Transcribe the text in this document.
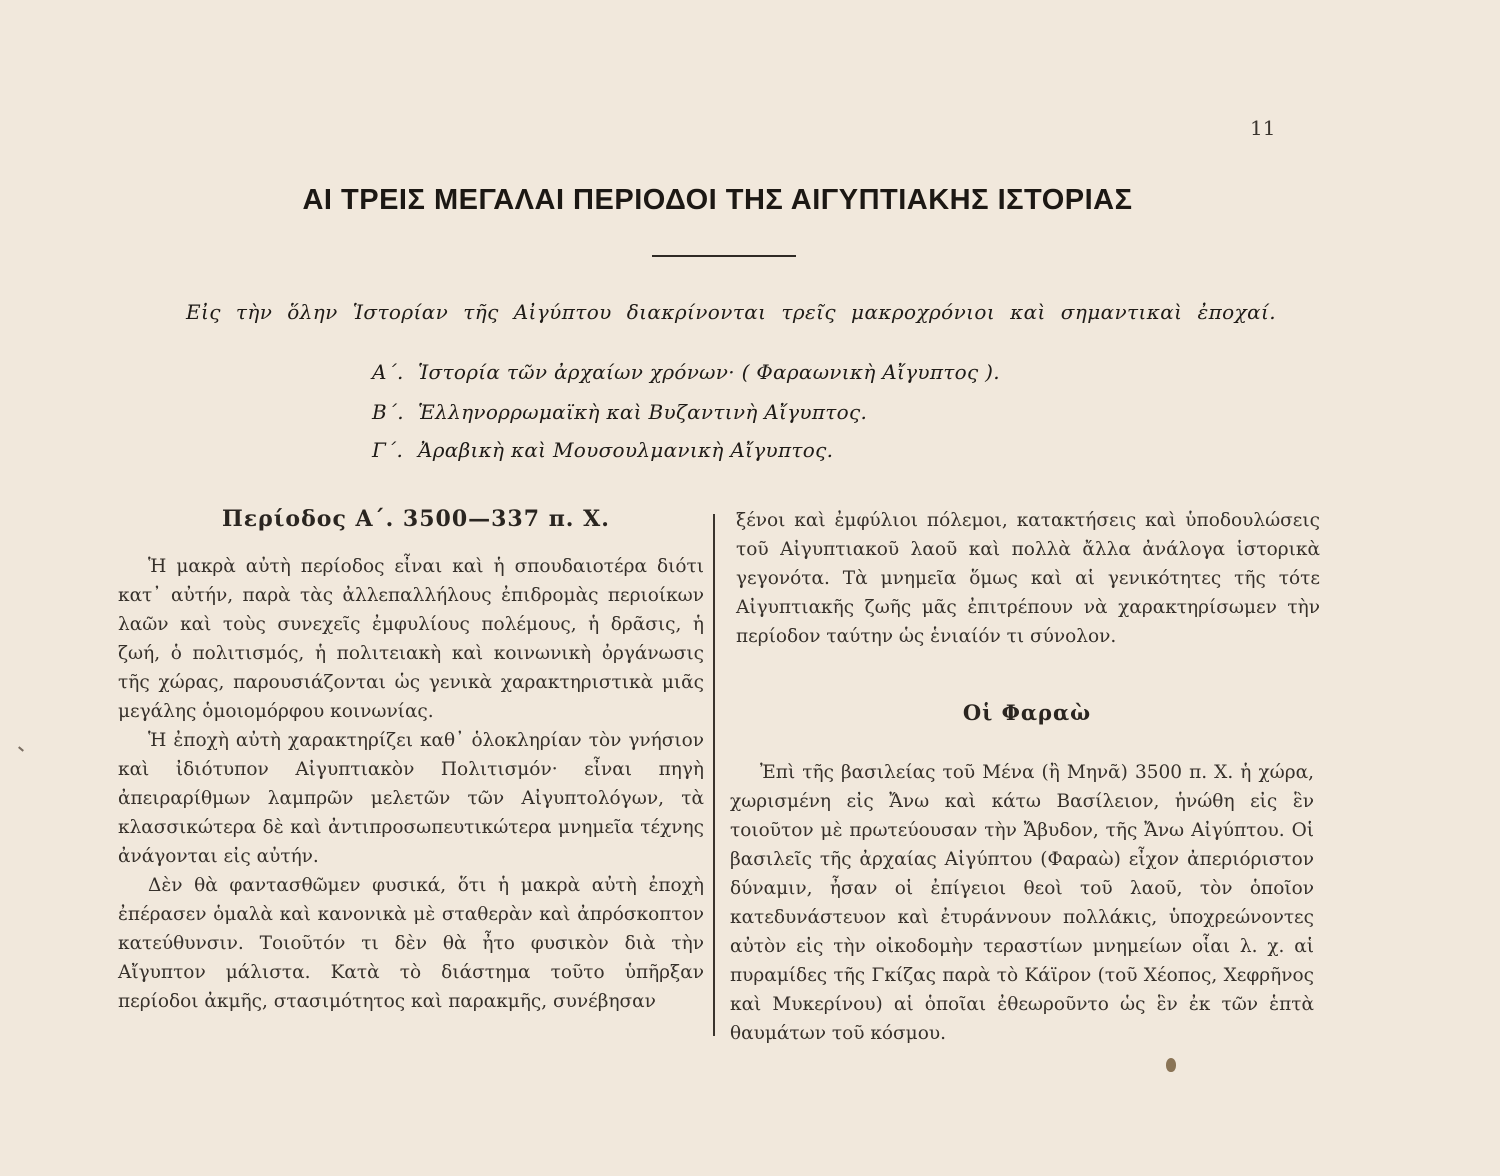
11
ΑΙ ΤΡΕΙΣ ΜΕΓΑΛΑΙ ΠΕΡΙΟΔΟΙ ΤΗΣ ΑΙΓΥΠΤΙΑΚΗΣ ΙΣΤΟΡΙΑΣ
Εἰς τὴν ὅλην Ἱστορίαν τῆς Αἰγύπτου διακρίνονται τρεῖς μακροχρόνιοι καὶ σημαντικαὶ ἐποχαί.
Α΄. Ἱστορία τῶν ἀρχαίων χρόνων· ( Φαραωνικὴ Αἴγυπτος ).
Β΄. Ἑλληνορρωμαϊκὴ καὶ Βυζαντινὴ Αἴγυπτος.
Γ΄. Ἀραβικὴ καὶ Μουσουλμανικὴ Αἴγυπτος.
Περίοδος Α΄. 3500—337 π. Χ.

Ἡ μακρὰ αὐτὴ περίοδος εἶναι καὶ ἡ σπουδαιοτέρα διότι κατ᾽ αὐτήν, παρὰ τὰς ἀλλεπαλλήλους ἐπιδρομὰς περιοίκων λαῶν καὶ τοὺς συνεχεῖς ἐμφυλίους πολέμους, ἡ δρᾶσις, ἡ ζωή, ὁ πολιτισμός, ἡ πολιτειακὴ καὶ κοινωνικὴ ὀργάνωσις τῆς χώρας, παρουσιάζονται ὡς γενικὰ χαρακτηριστικὰ μιᾶς μεγάλης ὁμοιομόρφου κοινωνίας.

Ἡ ἐποχὴ αὐτὴ χαρακτηρίζει καθ᾽ ὁλοκληρίαν τὸν γνήσιον καὶ ἰδιότυπον Αἰγυπτιακὸν Πολιτισμόν· εἶναι πηγὴ ἀπειραρίθμων λαμπρῶν μελετῶν τῶν Αἰγυπτολόγων, τὰ κλασσικώτερα δὲ καὶ ἀντιπροσωπευτικώτερα μνημεῖα τέχνης ἀνάγονται εἰς αὐτήν.

Δὲν θὰ φαντασθῶμεν φυσικά, ὅτι ἡ μακρὰ αὐτὴ ἐποχὴ ἐπέρασεν ὁμαλὰ καὶ κανονικὰ μὲ σταθερὰν καὶ ἀπρόσκοπτον κατεύθυνσιν. Τοιοῦτόν τι δὲν θὰ ἦτο φυσικὸν διὰ τὴν Αἴγυπτον μάλιστα. Κατὰ τὸ διάστημα τοῦτο ὑπῆρξαν περίοδοι ἀκμῆς, στασιμότητος καὶ παρακμῆς, συνέβησαν

ξένοι καὶ ἐμφύλιοι πόλεμοι, κατακτήσεις καὶ ὑποδουλώσεις τοῦ Αἰγυπτιακοῦ λαοῦ καὶ πολλὰ ἄλλα ἀνάλογα ἱστορικὰ γεγονότα. Τὰ μνημεῖα ὅμως καὶ αἱ γενικότητες τῆς τότε Αἰγυπτιακῆς ζωῆς μᾶς ἐπιτρέπουν νὰ χαρακτηρίσωμεν τὴν περίοδον ταύτην ὡς ἑνιαίόν τι σύνολον.

Οἱ Φαραὼ

Ἐπὶ τῆς βασιλείας τοῦ Μένα (ἢ Μηνᾶ) 3500 π. Χ. ἡ χώρα, χωρισμένη εἰς Ἄνω καὶ κάτω Βασίλειον, ἡνώθη εἰς ἓν τοιοῦτον μὲ πρωτεύουσαν τὴν Ἄβυδον, τῆς Ἄνω Αἰγύπτου. Οἱ βασιλεῖς τῆς ἀρχαίας Αἰγύπτου (Φαραὼ) εἶχον ἀπεριόριστον δύναμιν, ἦσαν οἱ ἐπίγειοι θεοὶ τοῦ λαοῦ, τὸν ὁποῖον κατεδυνάστευον καὶ ἐτυράννουν πολλάκις, ὑποχρεώνοντες αὐτὸν εἰς τὴν οἰκοδομὴν τεραστίων μνημείων οἷαι λ. χ. αἱ πυραμίδες τῆς Γκίζας παρὰ τὸ Κάϊρον (τοῦ Χέοπος, Χεφρῆνος καὶ Μυκερίνου) αἱ ὁποῖαι ἐθεωροῦντο ὡς ἓν ἐκ τῶν ἑπτὰ θαυμάτων τοῦ κόσμου.
